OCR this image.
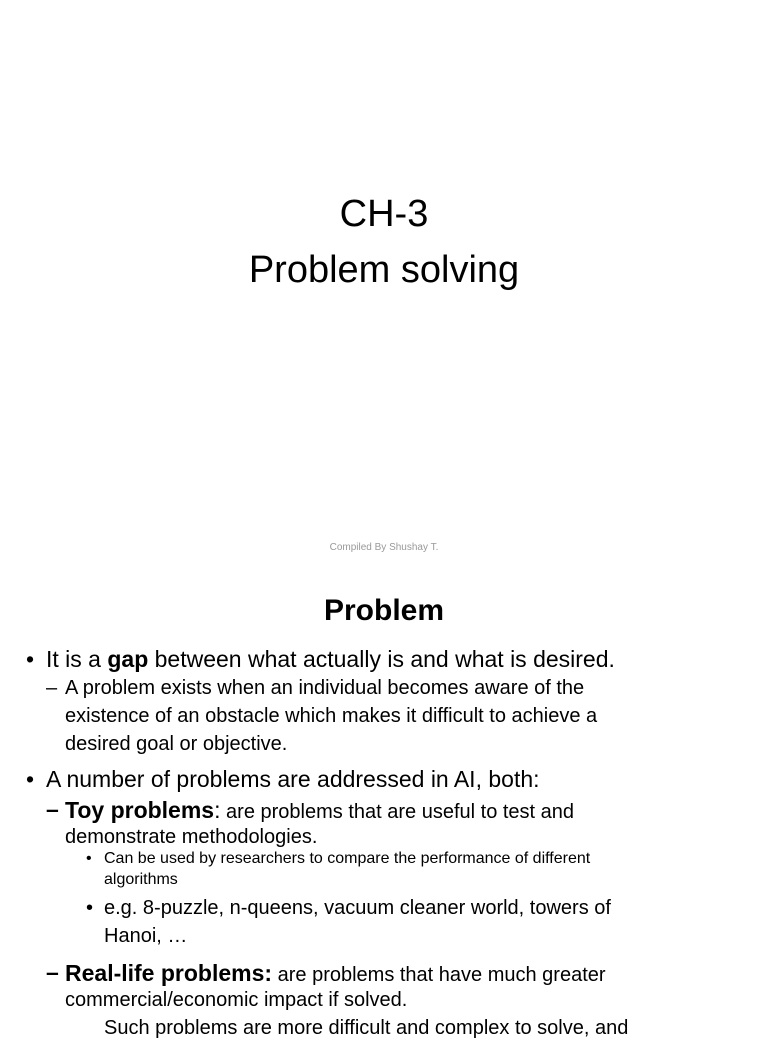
CH-3
Problem solving
Compiled By Shushay T.
Problem
• It is a gap between what actually is and what is desired.
– A problem exists when an individual becomes aware of the
existence of an obstacle which makes it difficult to achieve a
desired goal or objective.
• A number of problems are addressed in AI, both:
– Toy problems: are problems that are useful to test and
demonstrate methodologies.
• Can be used by researchers to compare the performance of different
algorithms
• e.g. 8-puzzle, n-queens, vacuum cleaner world, towers of
Hanoi, …
– Real-life problems: are problems that have much greater
commercial/economic impact if solved.
Such problems are more difficult and complex to solve, and
